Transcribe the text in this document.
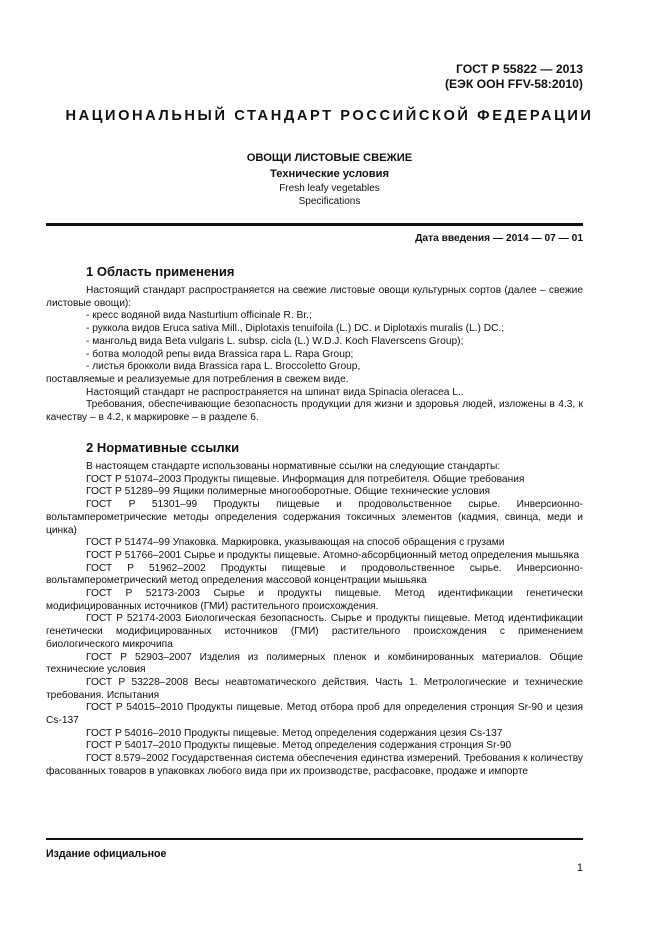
ГОСТ Р 55822 — 2013
(ЕЭК ООН FFV-58:2010)
НАЦИОНАЛЬНЫЙ СТАНДАРТ РОССИЙСКОЙ ФЕДЕРАЦИИ
ОВОЩИ ЛИСТОВЫЕ СВЕЖИЕ
Технические условия
Fresh leafy vegetables
Specifications
Дата введения — 2014 — 07 — 01
1 Область применения

Настоящий стандарт распространяется на свежие листовые овощи культурных сортов (далее – свежие листовые овощи):

- кресс водяной вида Nasturtium officinale R. Br.;

- руккола видов Eruca sativa Mill., Diplotaxis tenuifoila (L.) DC. и Diplotaxis muralis (L.) DC.;

- мангольд вида Beta vulgaris L. subsp. cicla (L.) W.D.J. Koch Flaverscens Group);

- ботва молодой репы вида Brassica rapa L. Rapa Group;

- листья брокколи вида Brassica rapa L. Broccoletto Group,

поставляемые и реализуемые для потребления в свежем виде.

Настоящий стандарт не распространяется на шпинат вида Spinacia oleracea L..

Требования, обеспечивающие безопасность продукции для жизни и здоровья людей, изложены в 4.3, к качеству – в 4.2, к маркировке – в разделе 6.

2 Нормативные ссылки

В настоящем стандарте использованы нормативные ссылки на следующие стандарты:

ГОСТ Р 51074–2003 Продукты пищевые. Информация для потребителя. Общие требования

ГОСТ Р 51289–99 Ящики полимерные многооборотные. Общие технические условия

ГОСТ Р 51301–99 Продукты пищевые и продовольственное сырье. Инверсионно-вольтамперометрические методы определения содержания токсичных элементов (кадмия, свинца, меди и цинка)

ГОСТ Р 51474–99 Упаковка. Маркировка, указывающая на способ обращения с грузами

ГОСТ Р 51766–2001 Сырье и продукты пищевые. Атомно-абсорбционный метод определения мышьяка

ГОСТ Р 51962–2002 Продукты пищевые и продовольственное сырье. Инверсионно-вольтамперометрический метод определения массовой концентрации мышьяка

ГОСТ Р 52173-2003 Сырье и продукты пищевые. Метод идентификации генетически модифицированных источников (ГМИ) растительного происхождения.

ГОСТ Р 52174-2003 Биологическая безопасность. Сырье и продукты пищевые. Метод идентификации генетически модифицированных источников (ГМИ) растительного происхождения с применением биологического микрочипа

ГОСТ Р 52903–2007 Изделия из полимерных пленок и комбинированных материалов. Общие технические условия

ГОСТ Р 53228–2008 Весы неавтоматического действия. Часть 1. Метрологические и технические требования. Испытания

ГОСТ Р 54015–2010 Продукты пищевые. Метод отбора проб для определения стронция Sr-90 и цезия Cs-137

ГОСТ Р 54016–2010 Продукты пищевые. Метод определения содержания цезия Cs-137

ГОСТ Р 54017–2010 Продукты пищевые. Метод определения содержания стронция Sr-90

ГОСТ 8.579–2002 Государственная система обеспечения единства измерений. Требования к количеству фасованных товаров в упаковках любого вида при их производстве, расфасовке, продаже и импорте

Издание официальное
1
